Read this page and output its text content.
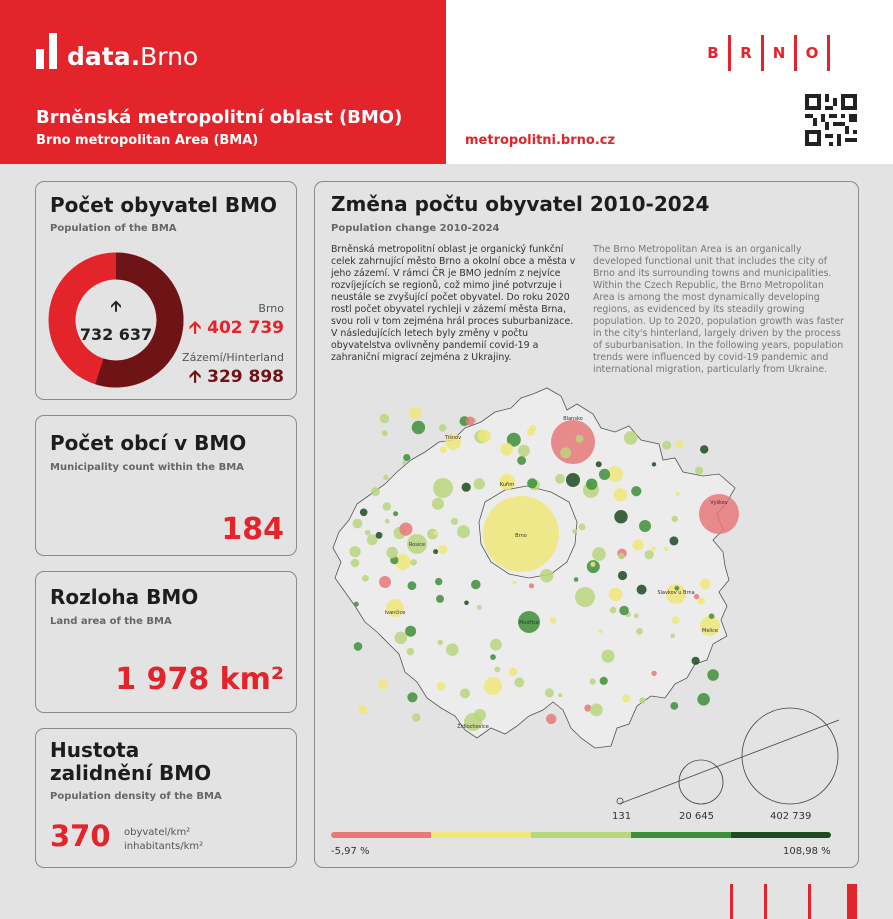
data.Brno
Brněnská metropolitní oblast (BMO)
Brno metropolitan Area (BMA)	metropolitni.brno.cz
B R N O
Počet obyvatel BMO
Population of the BMA
🡩
732 637
Brno
🡩 402 739
Zázemí/Hinterland
🡩 329 898
Počet obcí v BMO
Municipality count within the BMA
184
Rozloha BMO
Land area of the BMA
1 978 km²
Hustota
zalidnění BMO
Population density of the BMA
370 obyvatel/km²
inhabitants/km²
Změna počtu obyvatel 2010-2024
Population change 2010-2024
Brněnská metropolitní oblast je organický funkční celek zahrnující město Brno a okolní obce a města v jeho zázemí. V rámci ČR je BMO jedním z nejvíce rozvíjejících se regionů, což mimo jiné potvrzuje i neustále se zvyšující počet obyvatel. Do roku 2020 rostl počet obyvatel rychleji v zázemí města Brna, svou roli v tom zejména hrál proces suburbanizace. V následujících letech byly změny v počtu obyvatelstva ovlivněny pandemií covid-19 a zahraniční migrací zejména z Ukrajiny.
The Brno Metropolitan Area is an organically developed functional unit that includes the city of Brno and its surrounding towns and municipalities. Within the Czech Republic, the Brno Metropolitan Area is among the most dynamically developing regions, as evidenced by its steadily growing population. Up to 2020, population growth was faster in the city's hinterland, largely driven by the process of suburbanisation. In the following years, population trends were influenced by covid-19 pandemic and international migration, particularly from Ukraine.
Brno
Blansko
Vyškov
Slavkov u Brna
Židlochovice
Ivančice
Rosice
Kuřim
Tišnov
Modřice
Melice
131	20 645	402 739
-5,97 %	108,98 %
